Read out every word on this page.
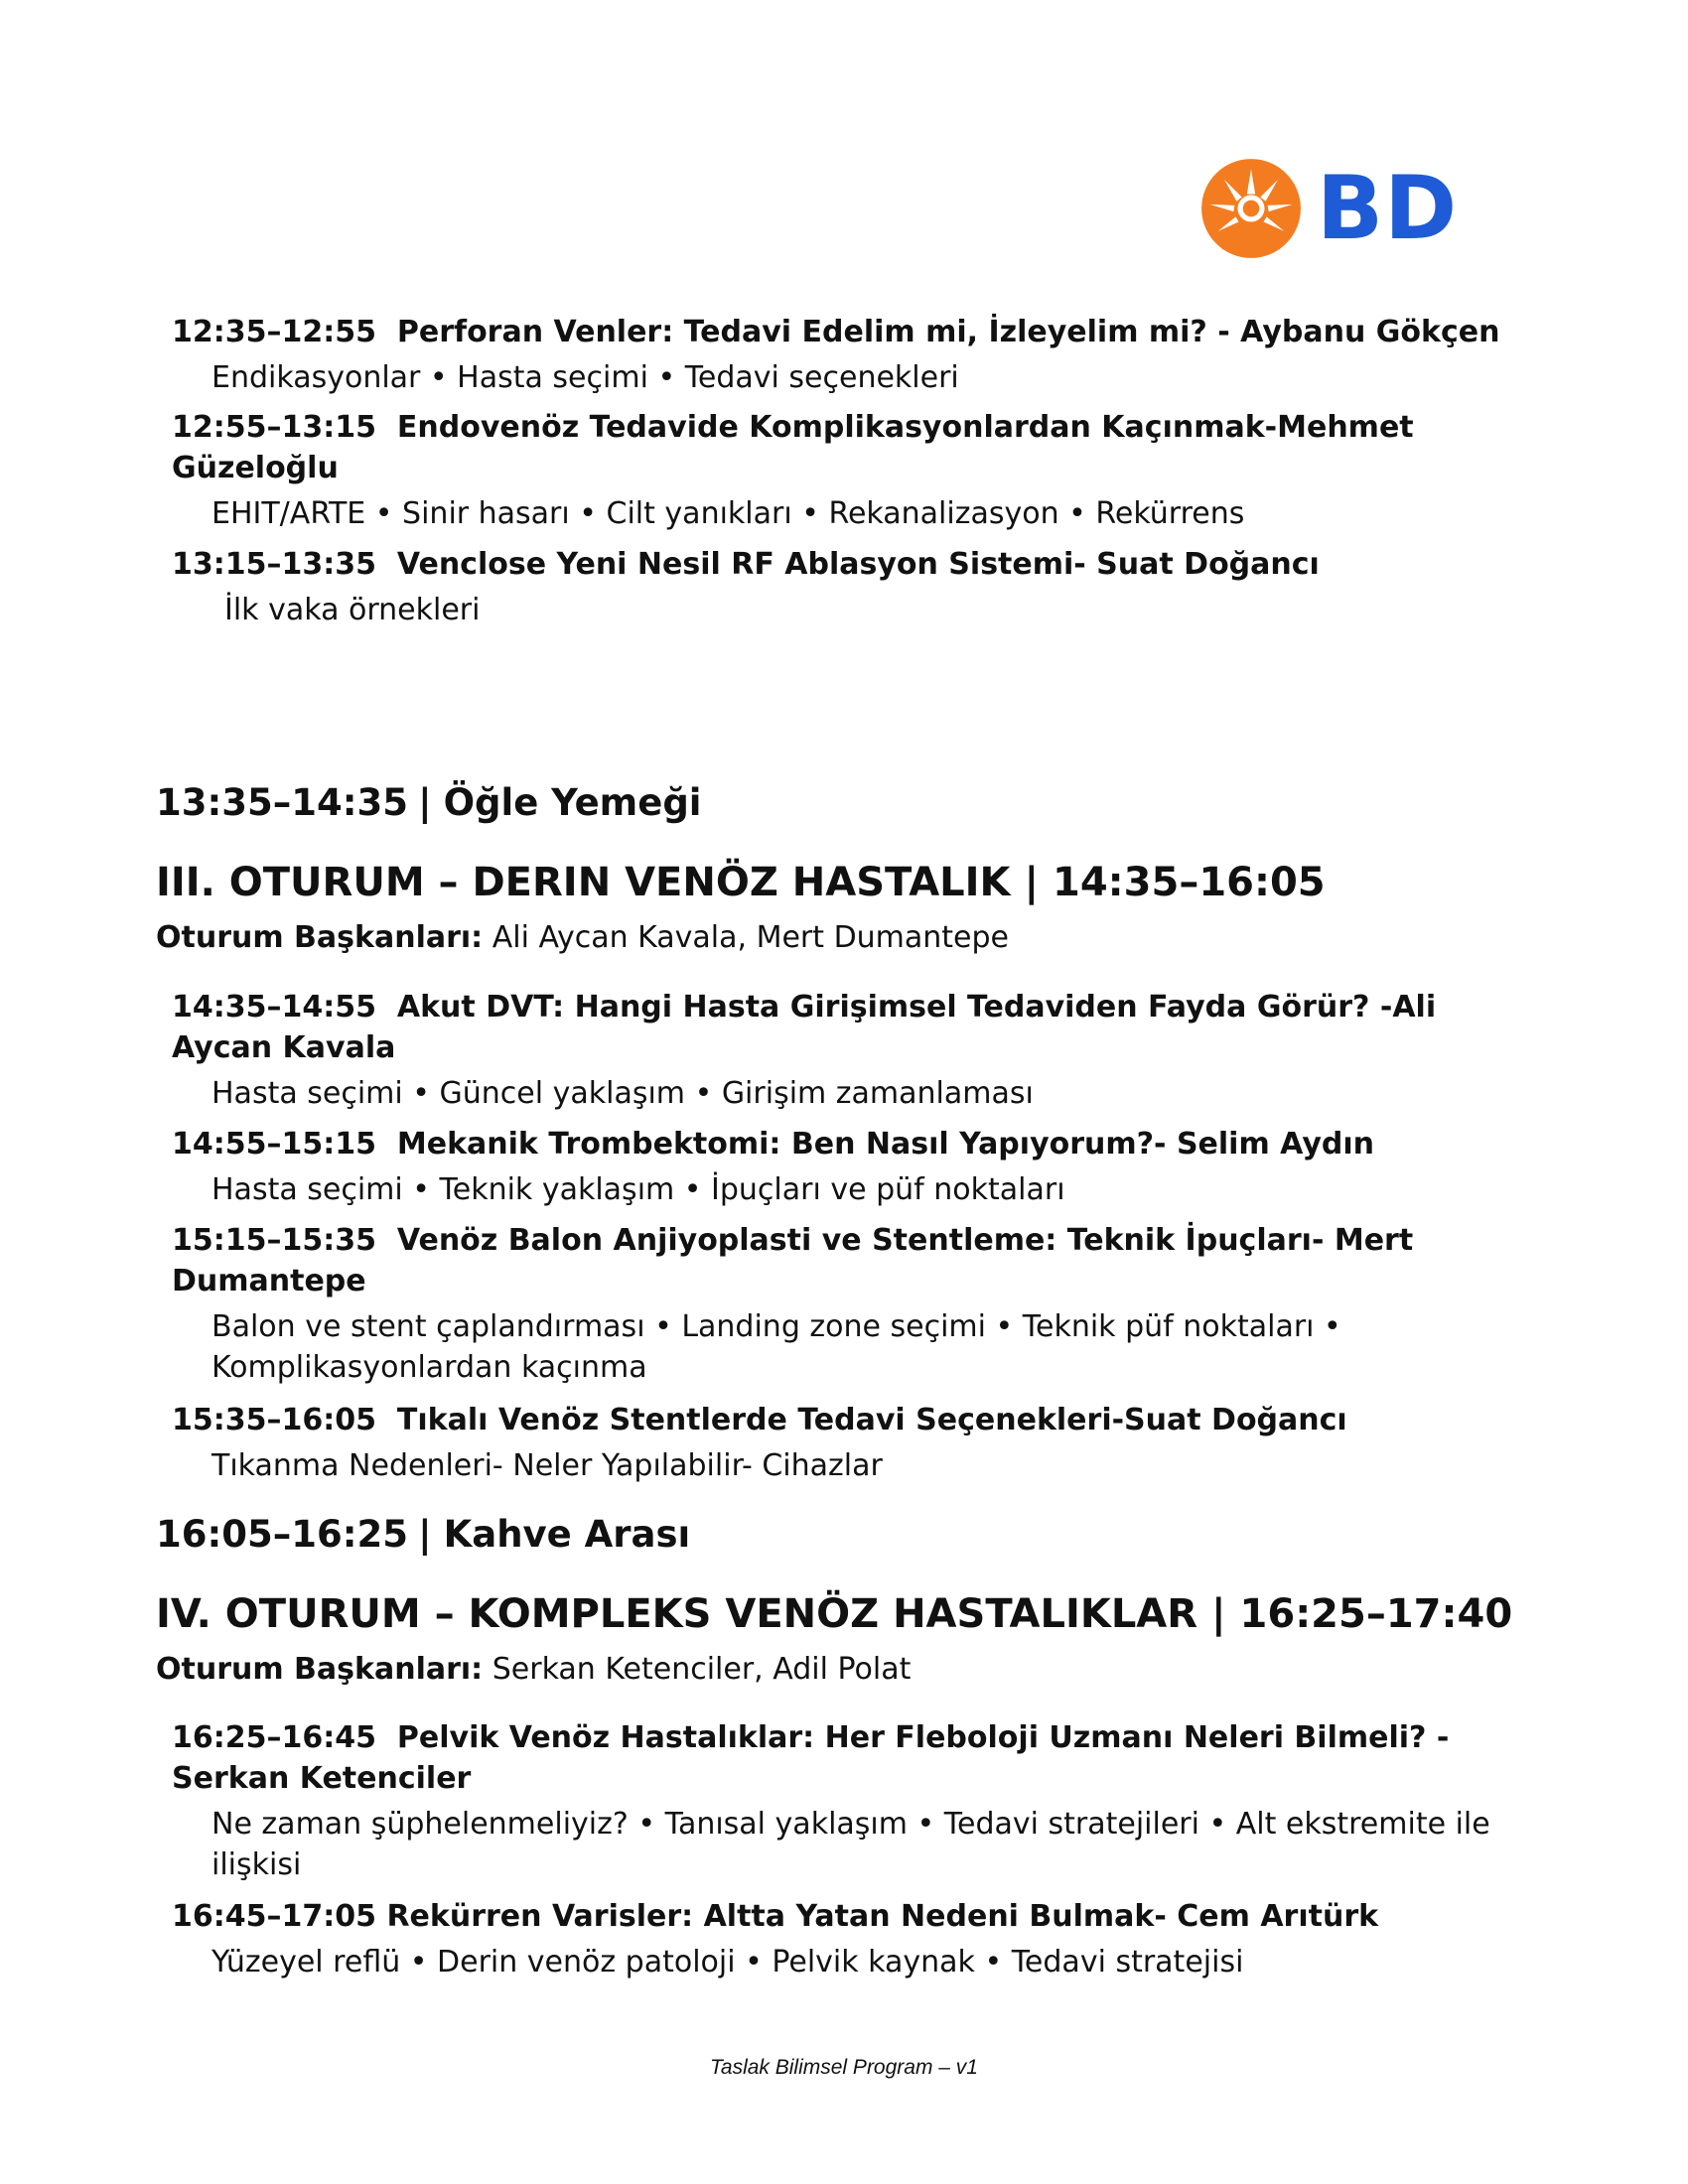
BD

12:35–12:55 Perforan Venler: Tedavi Edelim mi, İzleyelim mi? - Aybanu Gökçen

Endikasyonlar • Hasta seçimi • Tedavi seçenekleri

12:55–13:15 Endovenöz Tedavide Komplikasyonlardan Kaçınmak-Mehmet Güzeloğlu

EHIT/ARTE • Sinir hasarı • Cilt yanıkları • Rekanalizasyon • Rekürrens

13:15–13:35 Venclose Yeni Nesil RF Ablasyon Sistemi- Suat Doğancı

İlk vaka örnekleri

13:35–14:35 | Öğle Yemeği

III. OTURUM – DERIN VENÖZ HASTALIK | 14:35–16:05

Oturum Başkanları: Ali Aycan Kavala, Mert Dumantepe

14:35–14:55 Akut DVT: Hangi Hasta Girişimsel Tedaviden Fayda Görür? -Ali Aycan Kavala

Hasta seçimi • Güncel yaklaşım • Girişim zamanlaması

14:55–15:15 Mekanik Trombektomi: Ben Nasıl Yapıyorum?- Selim Aydın

Hasta seçimi • Teknik yaklaşım • İpuçları ve püf noktaları

15:15–15:35 Venöz Balon Anjiyoplasti ve Stentleme: Teknik İpuçları- Mert Dumantepe

Balon ve stent çaplandırması • Landing zone seçimi • Teknik püf noktaları • Komplikasyonlardan kaçınma

15:35–16:05 Tıkalı Venöz Stentlerde Tedavi Seçenekleri-Suat Doğancı

Tıkanma Nedenleri- Neler Yapılabilir- Cihazlar

16:05–16:25 | Kahve Arası

IV. OTURUM – KOMPLEKS VENÖZ HASTALIKLAR | 16:25–17:40

Oturum Başkanları: Serkan Ketenciler, Adil Polat

16:25–16:45 Pelvik Venöz Hastalıklar: Her Fleboloji Uzmanı Neleri Bilmeli? - Serkan Ketenciler

Ne zaman şüphelenmeliyiz? • Tanısal yaklaşım • Tedavi stratejileri • Alt ekstremite ile ilişkisi

16:45–17:05 Rekürren Varisler: Altta Yatan Nedeni Bulmak- Cem Arıtürk

Yüzeyel reflü • Derin venöz patoloji • Pelvik kaynak • Tedavi stratejisi

Taslak Bilimsel Program – v1
